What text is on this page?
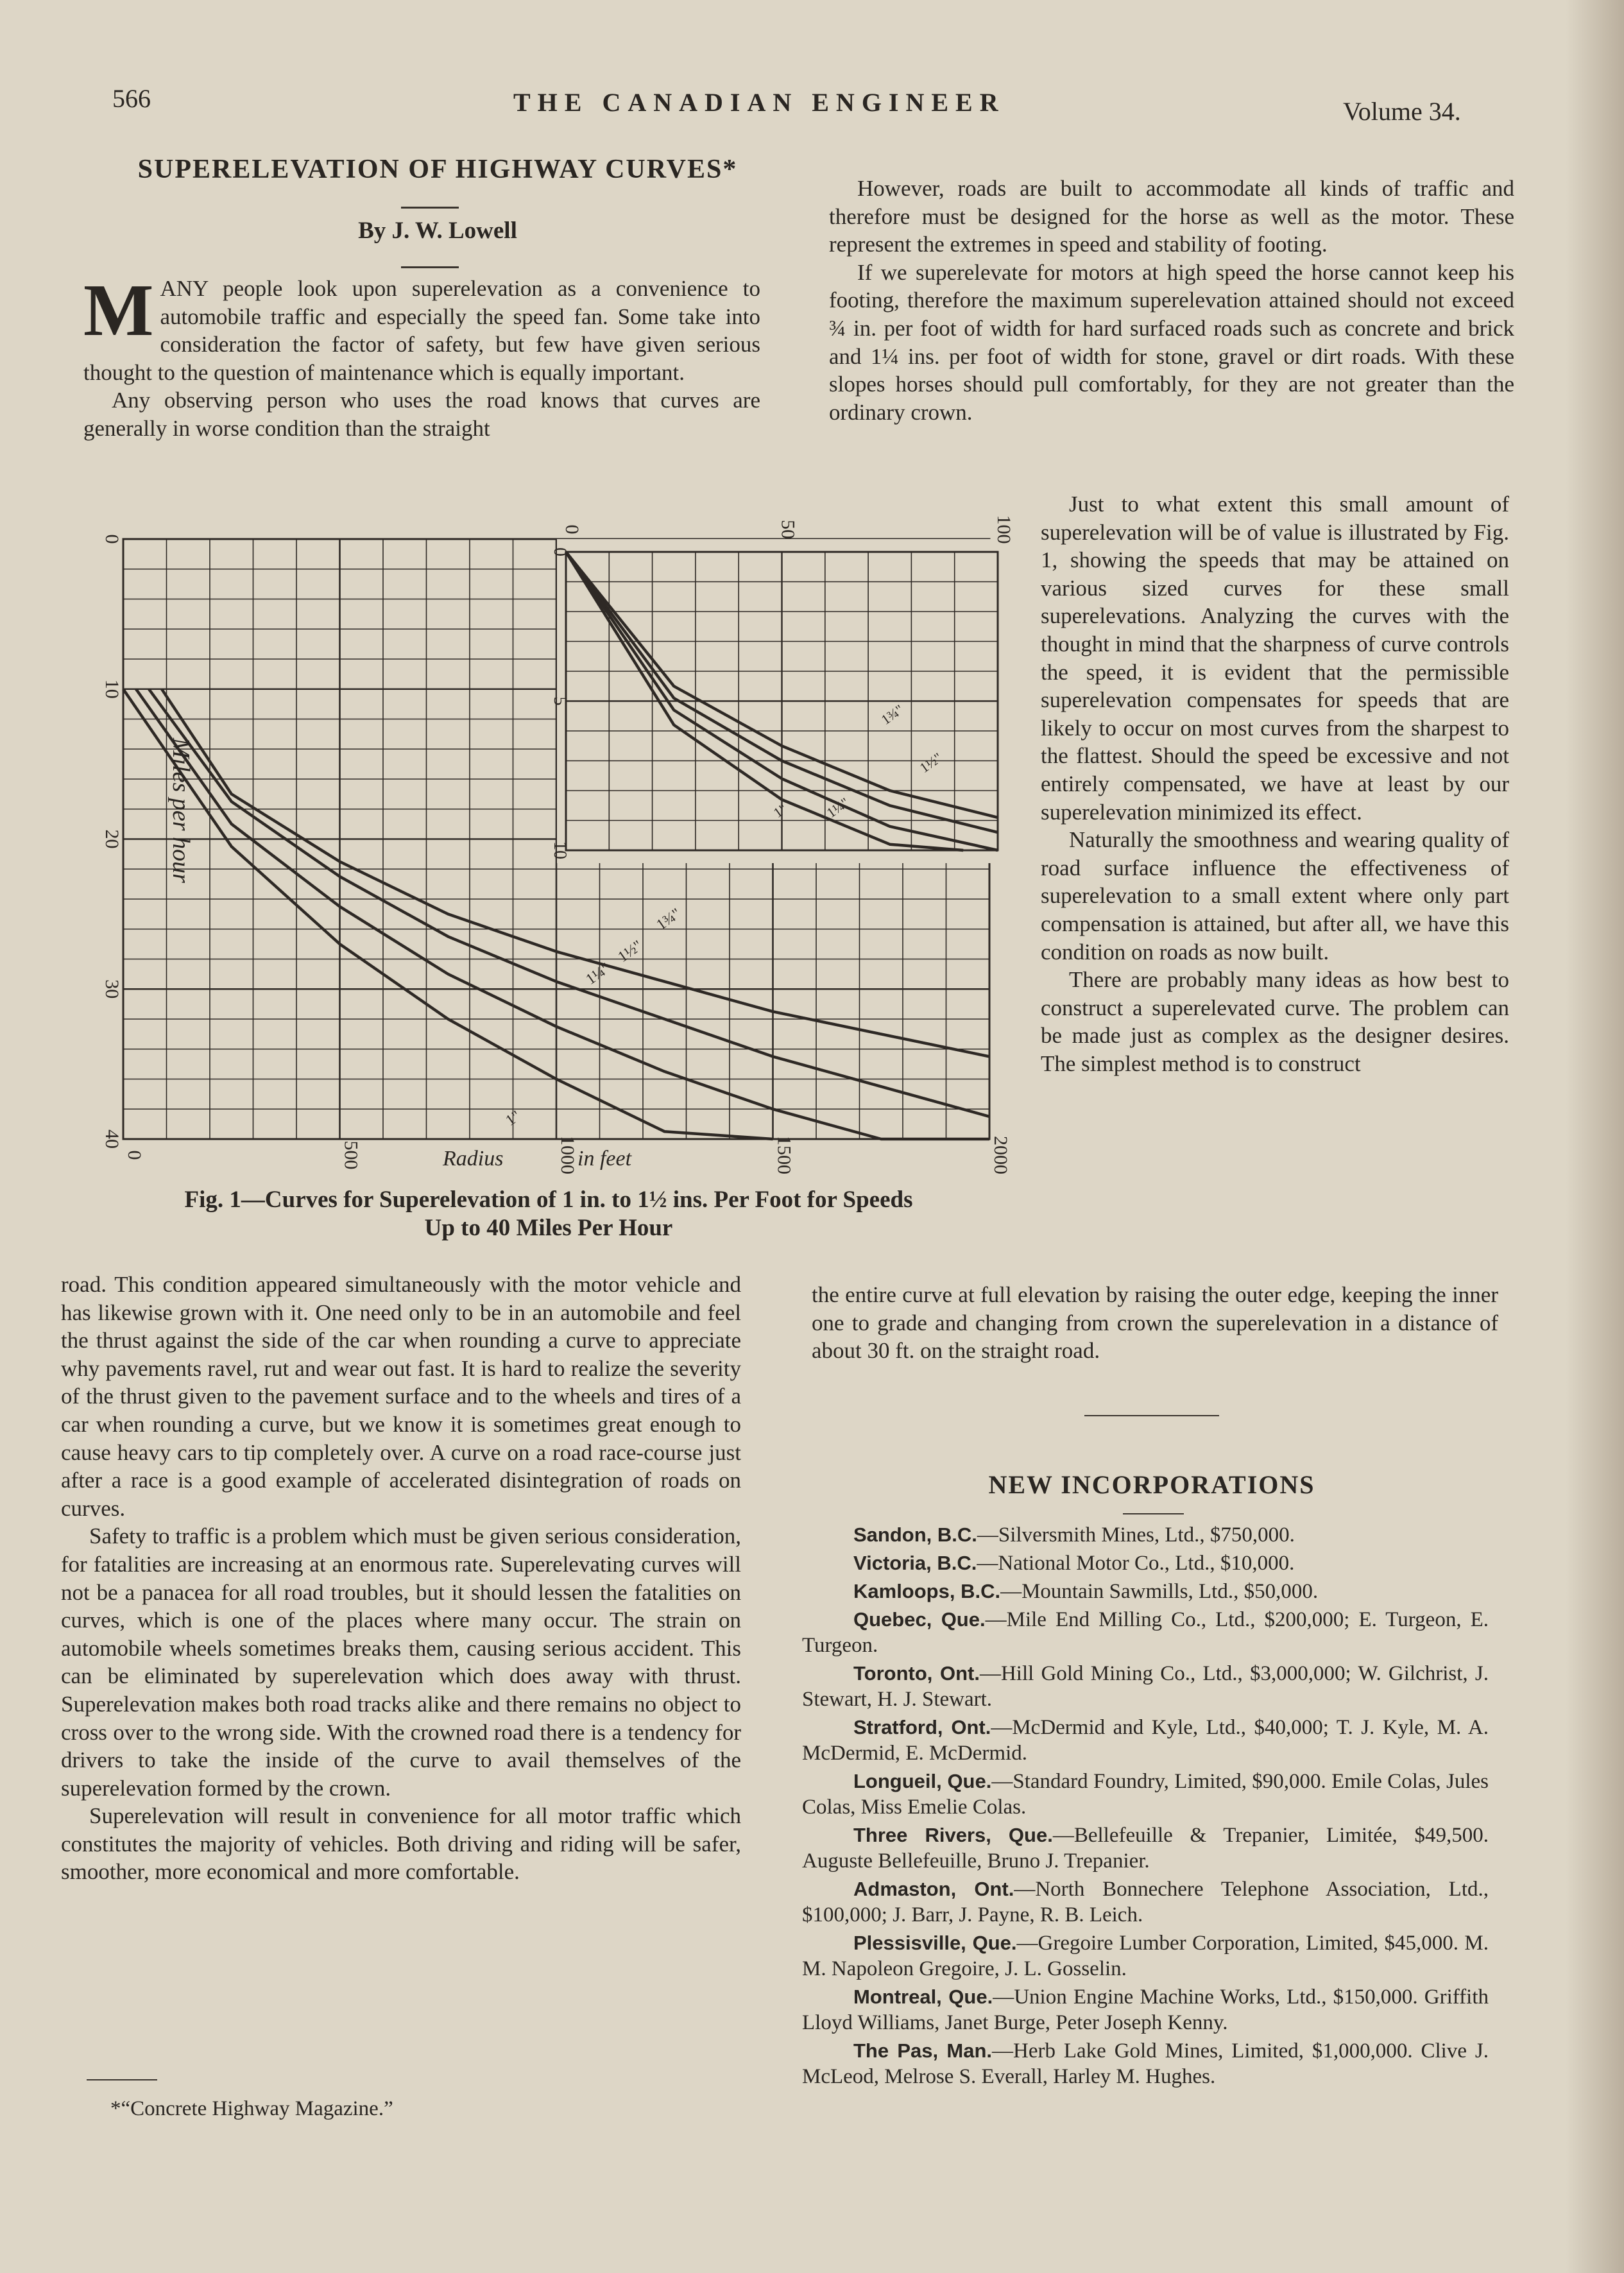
566	THE CANADIAN ENGINEER	Volume 34.
SUPERELEVATION OF HIGHWAY CURVES*
By J. W. Lowell

MANY people look upon superelevation as a convenience to automobile traffic and especially the speed fan. Some take into consideration the factor of safety, but few have given serious thought to the question of maintenance which is equally important.

Any observing person who uses the road knows that curves are generally in worse condition than the straight

However, roads are built to accommodate all kinds of traffic and therefore must be designed for the horse as well as the motor. These represent the extremes in speed and stability of footing.

If we superelevate for motors at high speed the horse cannot keep his footing, therefore the maximum superelevation attained should not exceed ¾ in. per foot of width for hard surfaced roads such as concrete and brick and 1¼ ins. per foot of width for stone, gravel or dirt roads. With these slopes horses should pull comfortably, for they are not greater than the ordinary crown.

Just to what extent this small amount of superelevation will be of value is illustrated by Fig. 1, showing the speeds that may be attained on various sized curves for these small superelevations. Analyzing the curves with the thought in mind that the sharpness of curve controls the speed, it is evident that the permissible superelevation compensates for speeds that are likely to occur on most curves from the sharpest to the flattest. Should the speed be excessive and not entirely compensated, we have at least by our superelevation minimized its effect.

Naturally the smoothness and wearing quality of road surface influence the effectiveness of superelevation to a small extent where only part compensation is attained, but after all, we have this condition on roads as now built.

There are probably many ideas as how best to construct a superelevated curve. The problem can be made just as complex as the designer desires. The simplest method is to construct

1¾"
1½"
1¼"
1"
1¾"
1½"
1¼"
1"
0
10
20
30
40
0	500	1000	1500	2000
0	50	100
0
5
10
Miles per hour
Radius	in feet
Fig. 1—Curves for Superelevation of 1 in. to 1½ ins. Per Foot for Speeds
Up to 40 Miles Per Hour

road. This condition appeared simultaneously with the motor vehicle and has likewise grown with it. One need only to be in an automobile and feel the thrust against the side of the car when rounding a curve to appreciate why pavements ravel, rut and wear out fast. It is hard to realize the severity of the thrust given to the pavement surface and to the wheels and tires of a car when rounding a curve, but we know it is sometimes great enough to cause heavy cars to tip completely over. A curve on a road race-course just after a race is a good example of accelerated disintegration of roads on curves.

Safety to traffic is a problem which must be given serious consideration, for fatalities are increasing at an enormous rate. Superelevating curves will not be a panacea for all road troubles, but it should lessen the fatalities on curves, which is one of the places where many occur. The strain on automobile wheels sometimes breaks them, causing serious accident. This can be eliminated by superelevation which does away with thrust. Superelevation makes both road tracks alike and there remains no object to cross over to the wrong side. With the crowned road there is a tendency for drivers to take the inside of the curve to avail themselves of the superelevation formed by the crown.

Superelevation will result in convenience for all motor traffic which constitutes the majority of vehicles. Both driving and riding will be safer, smoother, more economical and more comfortable.

*“Concrete Highway Magazine.”

the entire curve at full elevation by raising the outer edge, keeping the inner one to grade and changing from crown the superelevation in a distance of about 30 ft. on the straight road.

NEW INCORPORATIONS
Sandon, B.C.—Silversmith Mines, Ltd., $750,000.
Victoria, B.C.—National Motor Co., Ltd., $10,000.
Kamloops, B.C.—Mountain Sawmills, Ltd., $50,000.
Quebec, Que.—Mile End Milling Co., Ltd., $200,000; E. Turgeon, E. Turgeon.
Toronto, Ont.—Hill Gold Mining Co., Ltd., $3,000,000; W. Gilchrist, J. Stewart, H. J. Stewart.
Stratford, Ont.—McDermid and Kyle, Ltd., $40,000; T. J. Kyle, M. A. McDermid, E. McDermid.
Longueil, Que.—Standard Foundry, Limited, $90,000. Emile Colas, Jules Colas, Miss Emelie Colas.
Three Rivers, Que.—Bellefeuille & Trepanier, Limitée, $49,500. Auguste Bellefeuille, Bruno J. Trepanier.
Admaston, Ont.—North Bonnechere Telephone Association, Ltd., $100,000; J. Barr, J. Payne, R. B. Leich.
Plessisville, Que.—Gregoire Lumber Corporation, Limited, $45,000. M. M. Napoleon Gregoire, J. L. Gosselin.
Montreal, Que.—Union Engine Machine Works, Ltd., $150,000. Griffith Lloyd Williams, Janet Burge, Peter Joseph Kenny.
The Pas, Man.—Herb Lake Gold Mines, Limited, $1,000,000. Clive J. McLeod, Melrose S. Everall, Harley M. Hughes.
